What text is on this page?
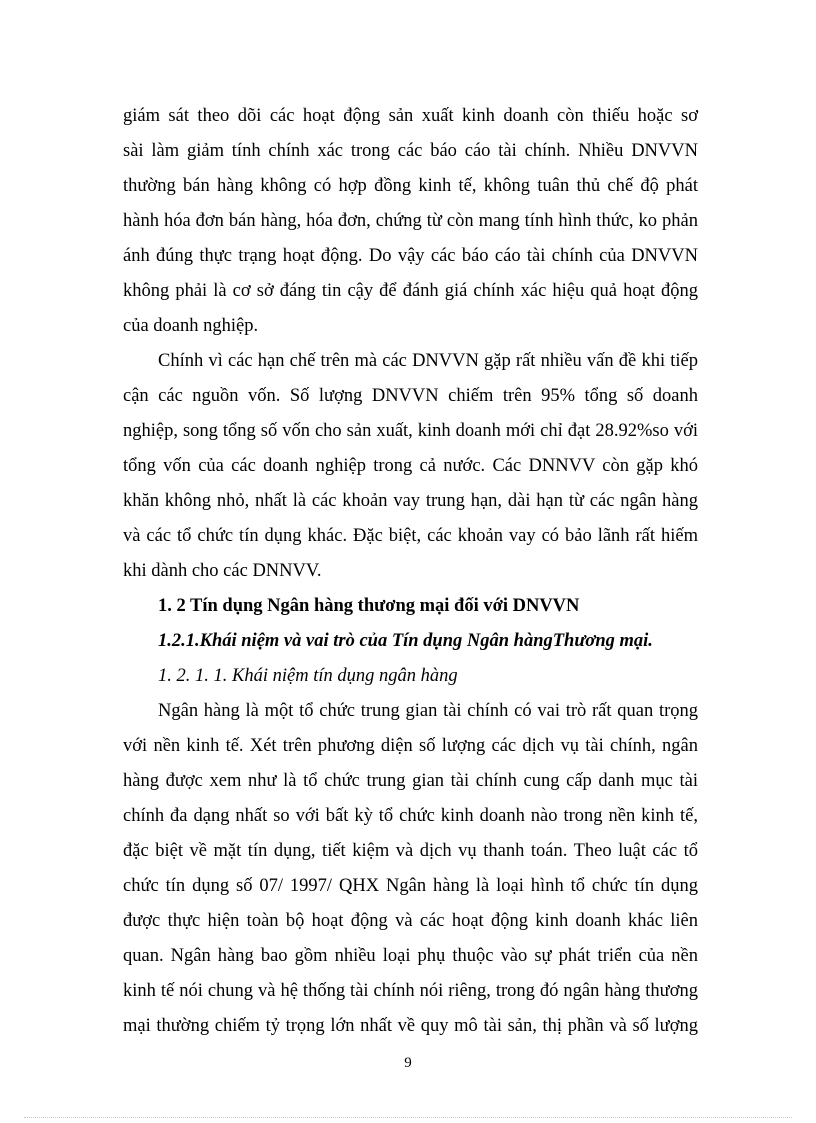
giám sát theo dõi các hoạt động sản xuất kinh doanh còn thiếu hoặc sơ
sài làm giảm tính chính xác trong các báo cáo tài chính. Nhiều DNVVN
thường bán hàng không có hợp đồng kinh tế, không tuân thủ chế độ phát
hành hóa đơn bán hàng, hóa đơn, chứng từ còn mang tính hình thức, ko phản
ánh đúng thực trạng hoạt động. Do vậy các báo cáo tài chính của DNVVN
không phải là cơ sở đáng tin cậy để đánh giá chính xác hiệu quả hoạt động
của doanh nghiệp.
Chính vì các hạn chế trên mà các DNVVN gặp rất nhiều vấn đề khi tiếp
cận các nguồn vốn. Số lượng DNVVN chiếm trên 95% tổng số doanh
nghiệp, song tổng số vốn cho sản xuất, kinh doanh mới chỉ đạt 28.92%so với
tổng vốn của các doanh nghiệp trong cả nước. Các DNNVV còn gặp khó
khăn không nhỏ, nhất là các khoản vay trung hạn, dài hạn từ các ngân hàng
và các tổ chức tín dụng khác. Đặc biệt, các khoản vay có bảo lãnh rất hiếm
khi dành cho các DNNVV.
1. 2 Tín dụng Ngân hàng thương mại đối với DNVVN
1.2.1.Khái niệm và vai trò của Tín dụng Ngân hàngThương mại.
1. 2. 1. 1. Khái niệm tín dụng ngân hàng
Ngân hàng là một tổ chức trung gian tài chính có vai trò rất quan trọng
với nền kinh tế. Xét trên phương diện số lượng các dịch vụ tài chính, ngân
hàng được xem như là tổ chức trung gian tài chính cung cấp danh mục tài
chính đa dạng nhất so với bất kỳ tổ chức kinh doanh nào trong nền kinh tế,
đặc biệt về mặt tín dụng, tiết kiệm và dịch vụ thanh toán. Theo luật các tổ
chức tín dụng số 07/ 1997/ QHX Ngân hàng là loại hình tổ chức tín dụng
được thực hiện toàn bộ hoạt động và các hoạt động kinh doanh khác liên
quan. Ngân hàng bao gồm nhiều loại phụ thuộc vào sự phát triển của nền
kinh tế nói chung và hệ thống tài chính nói riêng, trong đó ngân hàng thương
mại thường chiếm tỷ trọng lớn nhất về quy mô tài sản, thị phần và số lượng
9
